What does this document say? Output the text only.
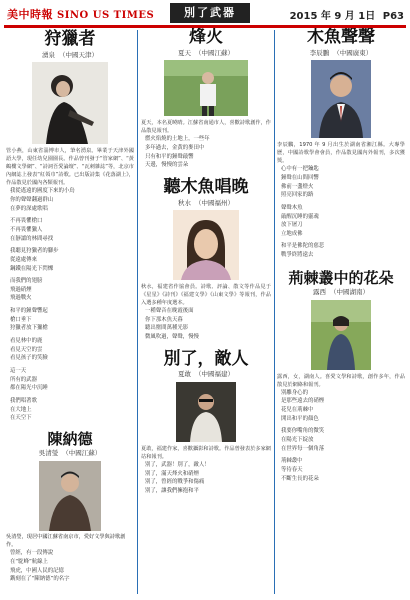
美中時報 SINO US TIMES	別了武器	2015 年 9 月 1日 P63
狩獵者
湧泉 （中國天津）
管小燕，山東省淄博市人，筆名湧泉。畢業于天津外國語大學，現任幼兒園園長。作品曾刊發于“管家網”、“黃鶴樓文學網”、“詩詞吾愛論壇”、“瓦刺雜誌”等，北京市內網誌上發表“紅領巾”詩歌。已出版詩集《花落湖上》，作品散見於國內各類報刊。
我從遙遠的國度下來的小鳥
你的聲聲翻過群山
在夢的深處歌唱
不再畏懼槍口
不再畏懼獵人
在靜謐的林間尋找
我聽見狩獵者的腳步
從遠處傳來
鋼鐵在陽光下閃爍
而我們的翅膀
飛過硝煙
飛過戰火
和平的鐘聲響起
槍口垂下
狩獵者放下獵槍
看見林中的鹿
看見天空的雲
看見孩子的笑臉
這一天
所有的武器
都在陽光中沉睡
我們唱著歌
在大地上
在天空下
陳納德
吳清瑩 （中國江蘇）
吳清瑩，現居中國江蘇省南京市，愛好文學與詩歌創作。
曾經，有一段傳說
在“駝峰”航線上
飛虎，中國人民的記憶
鐫刻在了“陳納德”的名字
烽火
夏天 （中國江蘇）
夏天，本名夏曉晴。江蘇省南通市人，喜歡詩歌創作，作品散見報刊。
燃火焰燒的土地上，一些年
多年過去，金黃的麥田中
只有和平的鐘聲敲響
天邊，慢慢的雲朵
聽木魚唱晚
秋水 （中國福州）
秋水，福建省作協會員。詩歌、評論、散文等作品見于《星星》《詩刊》《福建文學》《山東文學》等報刊，作品入選多種年度選本。
一種聲音在晚霞後面
你下那木魚天暮
聽出塵間萬種光影
微風吹過，聲聲，慢慢
別了，敵人
夏敢 （中國福建）
夏敢，福建作家，喜歡攝影和詩歌。作品曾發表於多家網站和報刊。
別了，武器！別了，敵人！
別了，滿天烽火和硝煙
別了，曾經的戰爭和傷痛
別了，讓我們擁抱和平
木魚聲聲
李辰鵬 （中國廣東）
李辰鵬，1970 年 9 月出生於湖南省湘江縣。大專學歷，中國詩歌學會會員，作品散見國內外報刊，多次獲獎。
心中有一把鑰匙
鐘聲在山間回響
佛前一盞燈火
照亮回家的路
聲聲木魚
敲醒沉睡的靈魂
放下屠刀
立地成佛
和平是佛陀的慈悲
戰爭終將遠去
荊棘叢中的花朵
露西 （中國湖南）
露西，女，湖南人。喜愛文學和詩歌，創作多年，作品散見於網絡和報刊。
別離身心的
是那些遠去的硝煙
花兒在荊棘中
開出和平的顏色
我要你嘴角的微笑
在陽光下綻放
在世界每一個角落
荊棘叢中
等待春天
不斷生長的花朵
